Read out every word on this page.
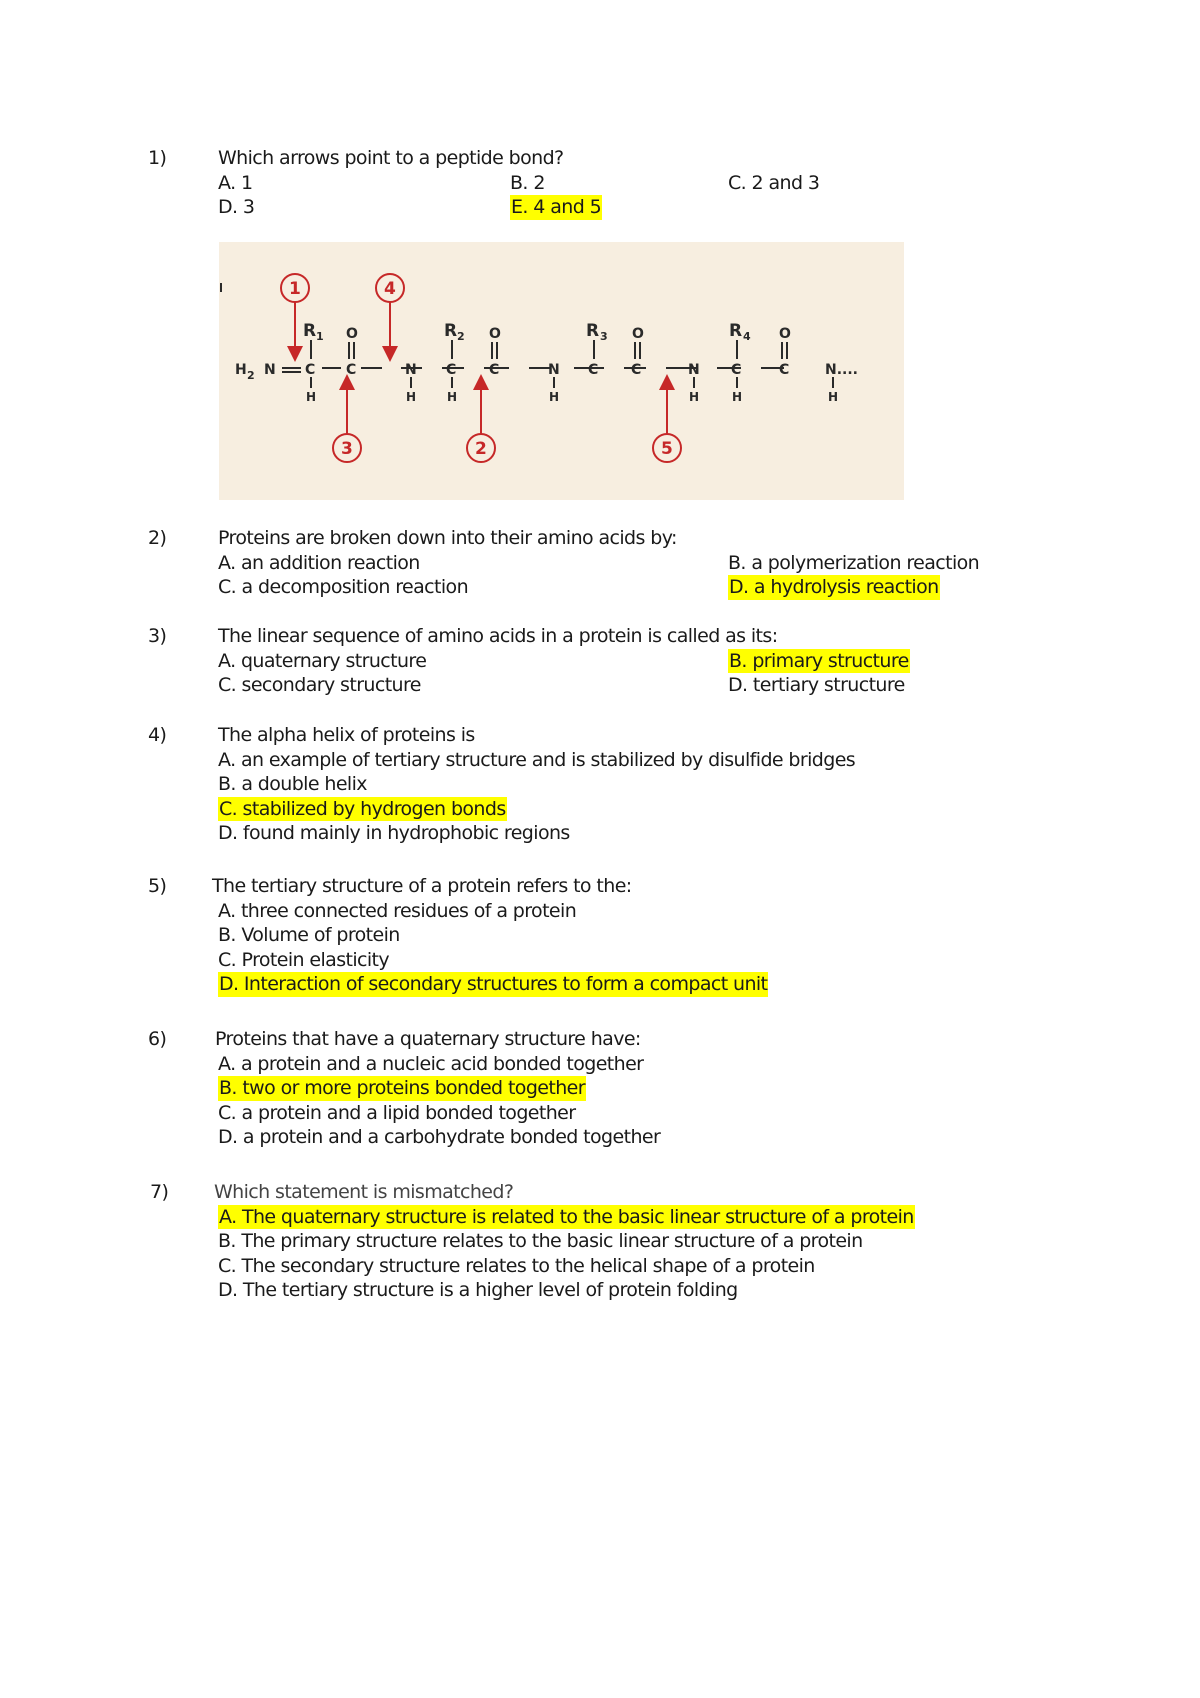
1)	Which arrows point to a peptide bond?
A. 1	B. 2	C. 2 and 3
D. 3	E. 4 and 5
H 2 N C C	N C C	N C C	N C	C	N....
O	O	O	O
H	H	H	H	H	H	H
R 1	R 2	R 3	R 4
1	4
3	2	5
2)	Proteins are broken down into their amino acids by:
A. an addition reaction	B. a polymerization reaction
C. a decomposition reaction	D. a hydrolysis reaction
3)	The linear sequence of amino acids in a protein is called as its:
A. quaternary structure	B. primary structure
C. secondary structure	D. tertiary structure
4)	The alpha helix of proteins is
A. an example of tertiary structure and is stabilized by disulfide bridges
B. a double helix
C. stabilized by hydrogen bonds
D. found mainly in hydrophobic regions
5) The tertiary structure of a protein refers to the:
A. three connected residues of a protein
B. Volume of protein
C. Protein elasticity
D. Interaction of secondary structures to form a compact unit
6)	Proteins that have a quaternary structure have:
A. a protein and a nucleic acid bonded together
B. two or more proteins bonded together
C. a protein and a lipid bonded together
D. a protein and a carbohydrate bonded together
7) Which statement is mismatched?
A. The quaternary structure is related to the basic linear structure of a protein
B. The primary structure relates to the basic linear structure of a protein
C. The secondary structure relates to the helical shape of a protein
D. The tertiary structure is a higher level of protein folding
